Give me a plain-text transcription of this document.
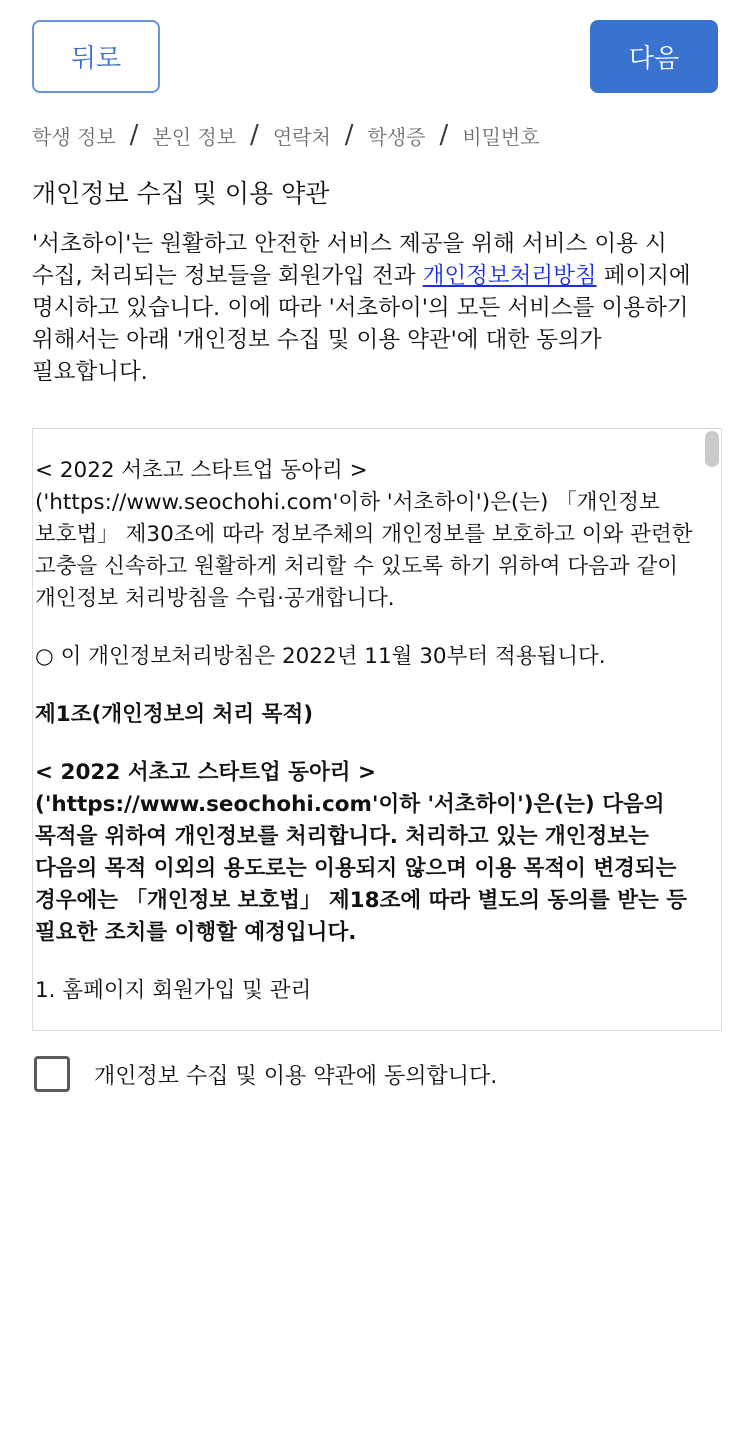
뒤로	다음
학생 정보 / 본인 정보 / 연락처 / 학생증 / 비밀번호
개인정보 수집 및 이용 약관
'서초하이'는 원활하고 안전한 서비스 제공을 위해 서비스 이용 시 수집, 처리되는 정보들을 회원가입 전과 개인정보처리방침 페이지에 명시하고 있습니다. 이에 따라 '서초하이'의 모든 서비스를 이용하기 위해서는 아래 '개인정보 수집 및 이용 약관'에 대한 동의가 필요합니다.

< 2022 서초고 스타트업 동아리 >('https://www.seochohi.com'이하 '서초하이')은(는) 「개인정보 보호법」 제30조에 따라 정보주체의 개인정보를 보호하고 이와 관련한 고충을 신속하고 원활하게 처리할 수 있도록 하기 위하여 다음과 같이 개인정보 처리방침을 수립·공개합니다.

○ 이 개인정보처리방침은 2022년 11월 30부터 적용됩니다.

제1조(개인정보의 처리 목적)

< 2022 서초고 스타트업 동아리 >('https://www.seochohi.com'이하 '서초하이')은(는) 다음의 목적을 위하여 개인정보를 처리합니다. 처리하고 있는 개인정보는 다음의 목적 이외의 용도로는 이용되지 않으며 이용 목적이 변경되는 경우에는 「개인정보 보호법」 제18조에 따라 별도의 동의를 받는 등 필요한 조치를 이행할 예정입니다.

1. 홈페이지 회원가입 및 관리

개인정보 수집 및 이용 약관에 동의합니다.
